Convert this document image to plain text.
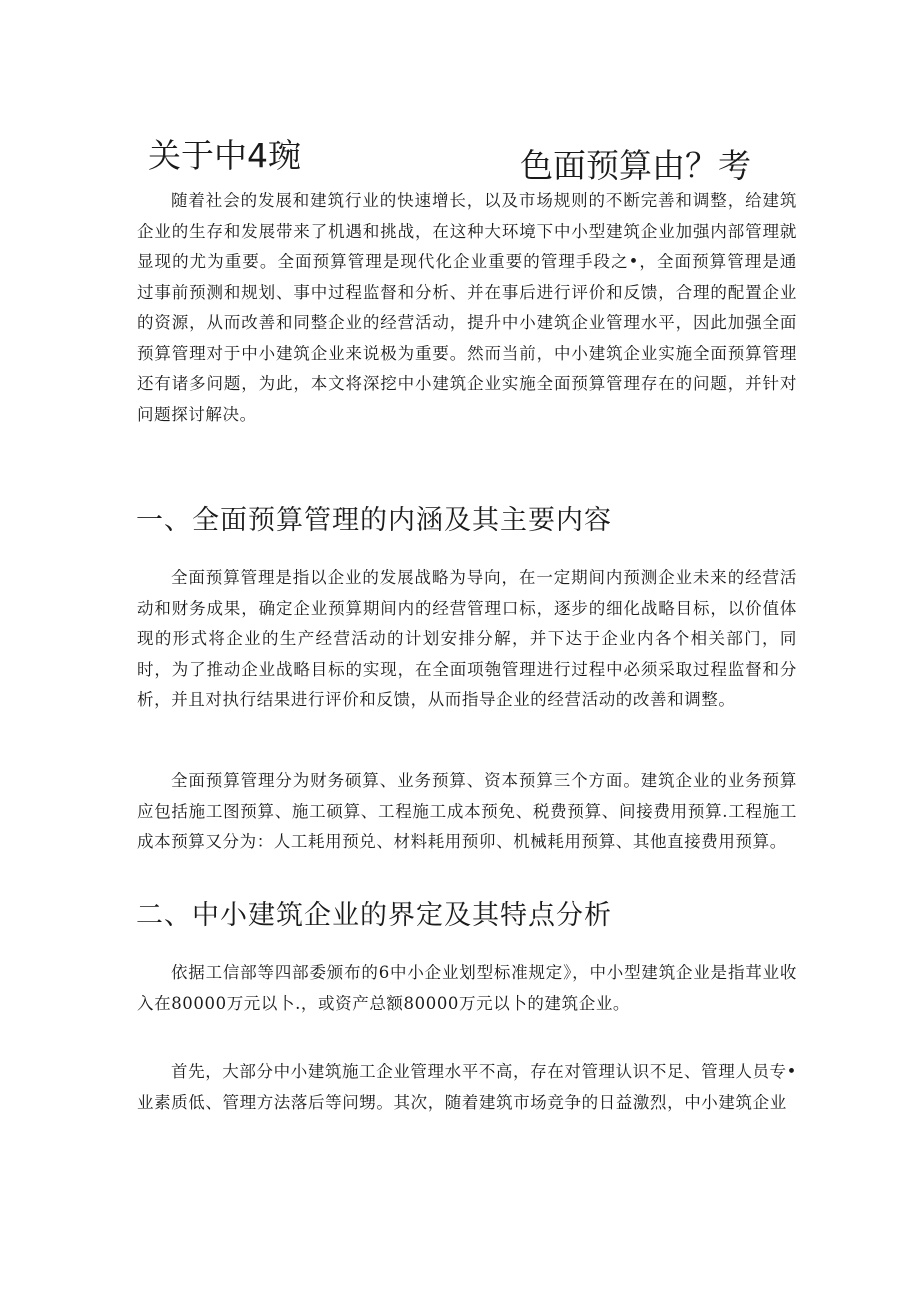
关于中4琬	色面预算由？考

随着社会的发展和建筑行业的快速增长，以及市场规则的不断完善和调整，给建筑企业的生存和发展带来了机遇和挑战，在这种大环境下中小型建筑企业加强内部管理就显现的尤为重要。全面预算管理是现代化企业重要的管理手段之•，全面预算管理是通过事前预测和规划、事中过程监督和分析、并在事后进行评价和反馈，合理的配置企业的资源，从而改善和同整企业的经营活动，提升中小建筑企业管理水平，因此加强全面预算管理对于中小建筑企业来说极为重要。然而当前，中小建筑企业实施全面预算管理还有诸多问题，为此，本文将深挖中小建筑企业实施全面预算管理存在的问题，并针对问题探讨解决。

一、全面预算管理的内涵及其主要内容

全面预算管理是指以企业的发展战略为导向，在一定期间内预测企业未来的经营活动和财务成果，确定企业预算期间内的经营管理口标，逐步的细化战略目标，以价值体现的形式将企业的生产经营活动的计划安排分解，并下达于企业内各个相关部门，同时，为了推动企业战略目标的实现，在全面项匏管理进行过程中必须采取过程监督和分析，并且对执行结果进行评价和反馈，从而指导企业的经营活动的改善和调整。

全面预算管理分为财务硕算、业务预算、资本预算三个方面。建筑企业的业务预算应包括施工图预算、施工硕算、工程施工成本预免、税费预算、间接费用预算.工程施工成本预算又分为：人工耗用预兑、材料耗用预卯、机械耗用预算、其他直接费用预算。

二、中小建筑企业的界定及其特点分析

依据工信部等四部委颁布的6中小企业划型标准规定》，中小型建筑企业是指茸业收入在80000万元以卜.，或资产总额80000万元以卜的建筑企业。

首先，大部分中小建筑施工企业管理水平不高，存在对管理认识不足、管理人员专•业素质低、管理方法落后等问甥。其次，随着建筑市场竞争的日益激烈，中小建筑企业
